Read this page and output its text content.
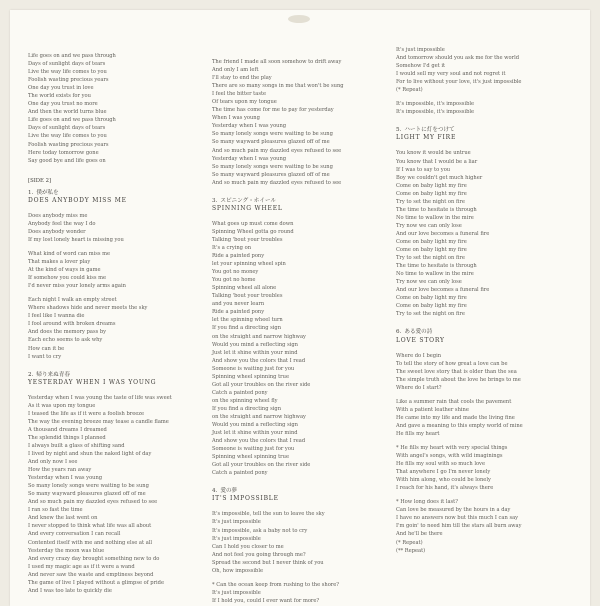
Life goes on and we pass through
Days of sunlight days of tears
Live the way life comes to you
Foolish wasting precious years
One day you trust in love
The world exists for you
One day you trust no more
And then the world turns blue
Life goes on and we pass through
Days of sunlight days of tears
Live the way life comes to you
Foolish wasting precious years
Here today tomorrow gone
Say good bye and life goes on
[SIDE 2]
1. 僕が私を
DOES ANYBODY MISS ME
Does anybody miss me
Anybody feel the way I do
Does anybody wonder
If my lost lonely heart is missing you
What kind of word can miss me
That makes a lover play
At the kind of ways in game
If somehow you could kiss me
I'd never miss your lonely arms again
Each night I walk an empty street
Where shadows hide and never meets the sky
I feel like I wanna die
I fool around with broken dreams
And does the memory pass by
Each echo seems to ask why
How can it be
I want to cry
2. 帰り来ぬ青春
YESTERDAY WHEN I WAS YOUNG
Yesterday when I was young the taste of life was sweet
As it was upon my tongue
I teased the life as if it were a foolish breeze
The way the evening breeze may tease a candle flame
A thousand dreams I dreamed
The splendid things I planned
I always built a glass of shifting sand
I lived by night and shun the naked light of day
And only now I see
How the years ran away
Yesterday when I was young
So many lonely songs were waiting to be sung
So many wayward pleasures glazed off of me
And so much pain my dazzled eyes refused to see
I ran so fast the time
And knew the last went on
I never stopped to think what life was all about
And every conversation I can recall
Contented itself with me and nothing else at all
Yesterday the moon was blue
And every crazy day brought something new to do
I used my magic age as if it were a wand
And never saw the waste and emptiness beyond
The game of live I played without a glimpse of pride
And I was too late to quickly die
The friend I made all soon somehow to drift away
And only I am left
I'll stay to end the play
There are so many songs in me that won't be sung
I feel the bitter taste
Of tears upon my tongue
The time has come for me to pay for yesterday
When I was young
Yesterday when I was young
So many lonely songs were waiting to be sung
So many wayward pleasures glazed off of me
And so much pain my dazzled eyes refused to see
Yesterday when I was young
So many lonely songs were waiting to be sung
So many wayward pleasures glazed off of me
And so much pain my dazzled eyes refused to see
3. スピニング・ホイール
SPINNING WHEEL
What goes up must come down
Spinning Wheel gotta go round
Talking 'bout your troubles
It's a crying on
Ride a painted pony
let your spinning wheel spin
You got no money
You got no home
Spinning wheel all alone
Talking 'bout your troubles
and you never learn
Ride a painted pony
let the spinning wheel turn
If you find a directing sign
on the straight and narrow highway
Would you mind a reflecting sign
Just let it shine within your mind
And show you the colors that I read
Someone is waiting just for you
Spinning wheel spinning true
Got all your troubles on the river side
Catch a painted pony
on the spinning wheel fly
If you find a directing sign
on the straight and narrow highway
Would you mind a reflecting sign
Just let it shine within your mind
And show you the colors that I read
Someone is waiting just for you
Spinning wheel spinning true
Got all your troubles on the river side
Catch a painted pony
4. 愛の夢
IT'S IMPOSSIBLE
It's impossible, tell the sun to leave the sky
It's just impossible
It's impossible, ask a baby not to cry
It's just impossible
Can I hold you closer to me
And not feel you going through me?
Spread the second but I never think of you
Oh, how impossible
* Can the ocean keep from rushing to the shore?
It's just impossible
If I hold you, could I ever want for more?
It's just impossible
And tomorrow should you ask me for the world
Somehow I'd get it
I would sell my very soul and not regret it
For to live without your love, it's just impossible
(* Repeat)
It's impossible, it's impossible
It's impossible, it's impossible
5. ハートに灯をつけて
LIGHT MY FIRE
You know it would be untrue
You know that I would be a liar
If I was to say to you
Boy we couldn't get much higher
Come on baby light my fire
Come on baby light my fire
Try to set the night on fire
The time to hesitate is through
No time to wallow in the mire
Try now we can only lose
And our love becomes a funeral fire
Come on baby light my fire
Come on baby light my fire
Try to set the night on fire
The time to hesitate is through
No time to wallow in the mire
Try now we can only lose
And our love becomes a funeral fire
Come on baby light my fire
Come on baby light my fire
Try to set the night on fire
6. ある愛の詩
LOVE STORY
Where do I begin
To tell the story of how great a love can be
The sweet love story that is older than the sea
The simple truth about the love he brings to me
Where do I start?
Like a summer rain that cools the pavement
With a patient leather shine
He came into my life and made the living fine
And gave a meaning to this empty world of mine
He fills my heart
* He fills my heart with very special things
With angel's songs, with wild imaginings
He fills my soul with so much love
That anywhere I go I'm never lonely
With him along, who could be lonely
I reach for his hand, it's always there
* How long does it last?
Can love be measured by the hours in a day
I have no answers now but this much I can say
I'm goin' to need him till the stars all burn away
And he'll be there
(* Repeat)
(** Repeat)
